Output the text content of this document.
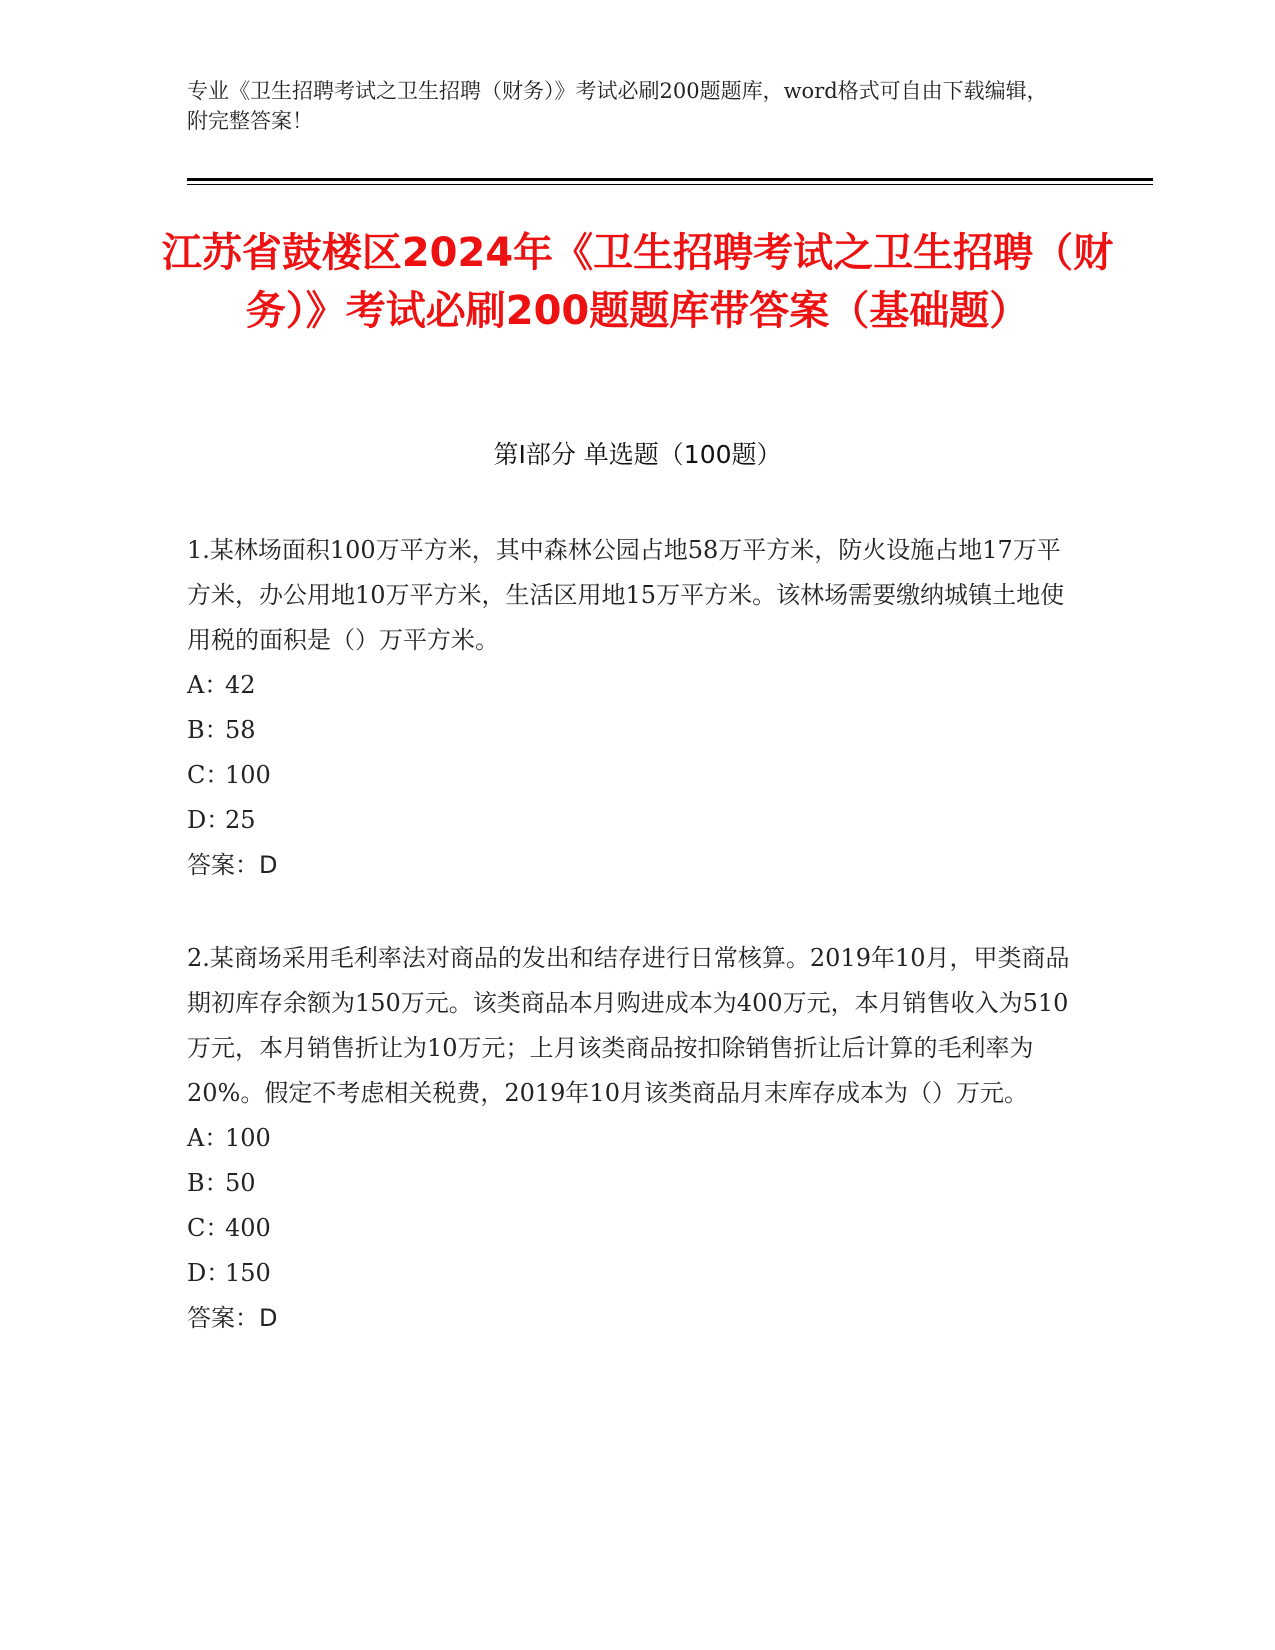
专业《卫生招聘考试之卫生招聘（财务）》考试必刷200题题库，word格式可自由下载编辑，附完整答案！
江苏省鼓楼区2024年《卫生招聘考试之卫生招聘（财务）》考试必刷200题题库带答案（基础题）
第I部分 单选题（100题）

1.某林场面积100万平方米，其中森林公园占地58万平方米，防火设施占地17万平方米，办公用地10万平方米，生活区用地15万平方米。该林场需要缴纳城镇土地使用税的面积是（）万平方米。

A：42

B：58

C：100

D：25

答案：D

2.某商场采用毛利率法对商品的发出和结存进行日常核算。2019年10月，甲类商品期初库存余额为150万元。该类商品本月购进成本为400万元，本月销售收入为510万元，本月销售折让为10万元；上月该类商品按扣除销售折让后计算的毛利率为20%。假定不考虑相关税费，2019年10月该类商品月末库存成本为（）万元。

A：100

B：50

C：400

D：150

答案：D
